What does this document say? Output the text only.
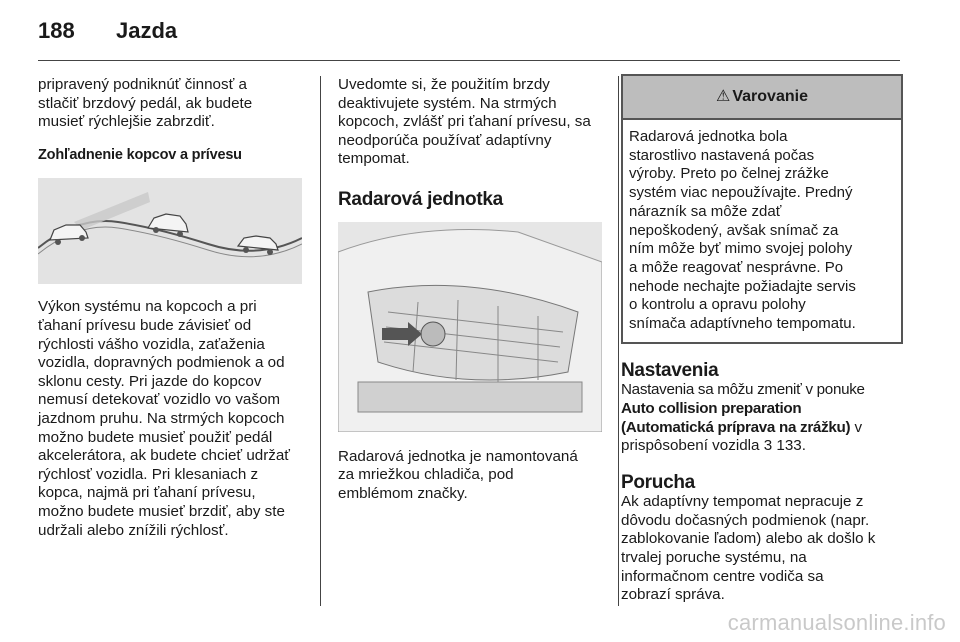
188 Jazda

pripravený podniknúť činnosť a
stlačiť brzdový pedál, ak budete
musieť rýchlejšie zabrzdiť.

Zohľadnenie kopcov a prívesu

Výkon systému na kopcoch a pri
ťahaní prívesu bude závisieť od
rýchlosti vášho vozidla, zaťaženia
vozidla, dopravných podmienok a od
sklonu cesty. Pri jazde do kopcov
nemusí detekovať vozidlo vo vašom
jazdnom pruhu. Na strmých kopcoch
možno budete musieť použiť pedál
akcelerátora, ak budete chcieť udržať
rýchlosť vozidla. Pri klesaniach z
kopca, najmä pri ťahaní prívesu,
možno budete musieť brzdiť, aby ste
udržali alebo znížili rýchlosť.

Uvedomte si, že použitím brzdy
deaktivujete systém. Na strmých
kopcoch, zvlášť pri ťahaní prívesu, sa
neodporúča používať adaptívny
tempomat.

Radarová jednotka

Radarová jednotka je namontovaná
za mriežkou chladiča, pod
emblémom značky.

⚠ Varovanie
Radarová jednotka bola
starostlivo nastavená počas
výroby. Preto po čelnej zrážke
systém viac nepoužívajte. Predný
nárazník sa môže zdať
nepoškodený, avšak snímač za
ním môže byť mimo svojej polohy
a môže reagovať nesprávne. Po
nehode nechajte požiadajte servis
o kontrolu a opravu polohy
snímača adaptívneho tempomatu.

Nastavenia

Nastavenia sa môžu zmeniť v ponuke

Auto collision preparation

(Automatická príprava na zrážku) v

prispôsobení vozidla 3 133.

Porucha

Ak adaptívny tempomat nepracuje z
dôvodu dočasných podmienok (napr.
zablokovanie ľadom) alebo ak došlo k
trvalej poruche systému, na
informačnom centre vodiča sa
zobrazí správa.

carmanualsonline.info
